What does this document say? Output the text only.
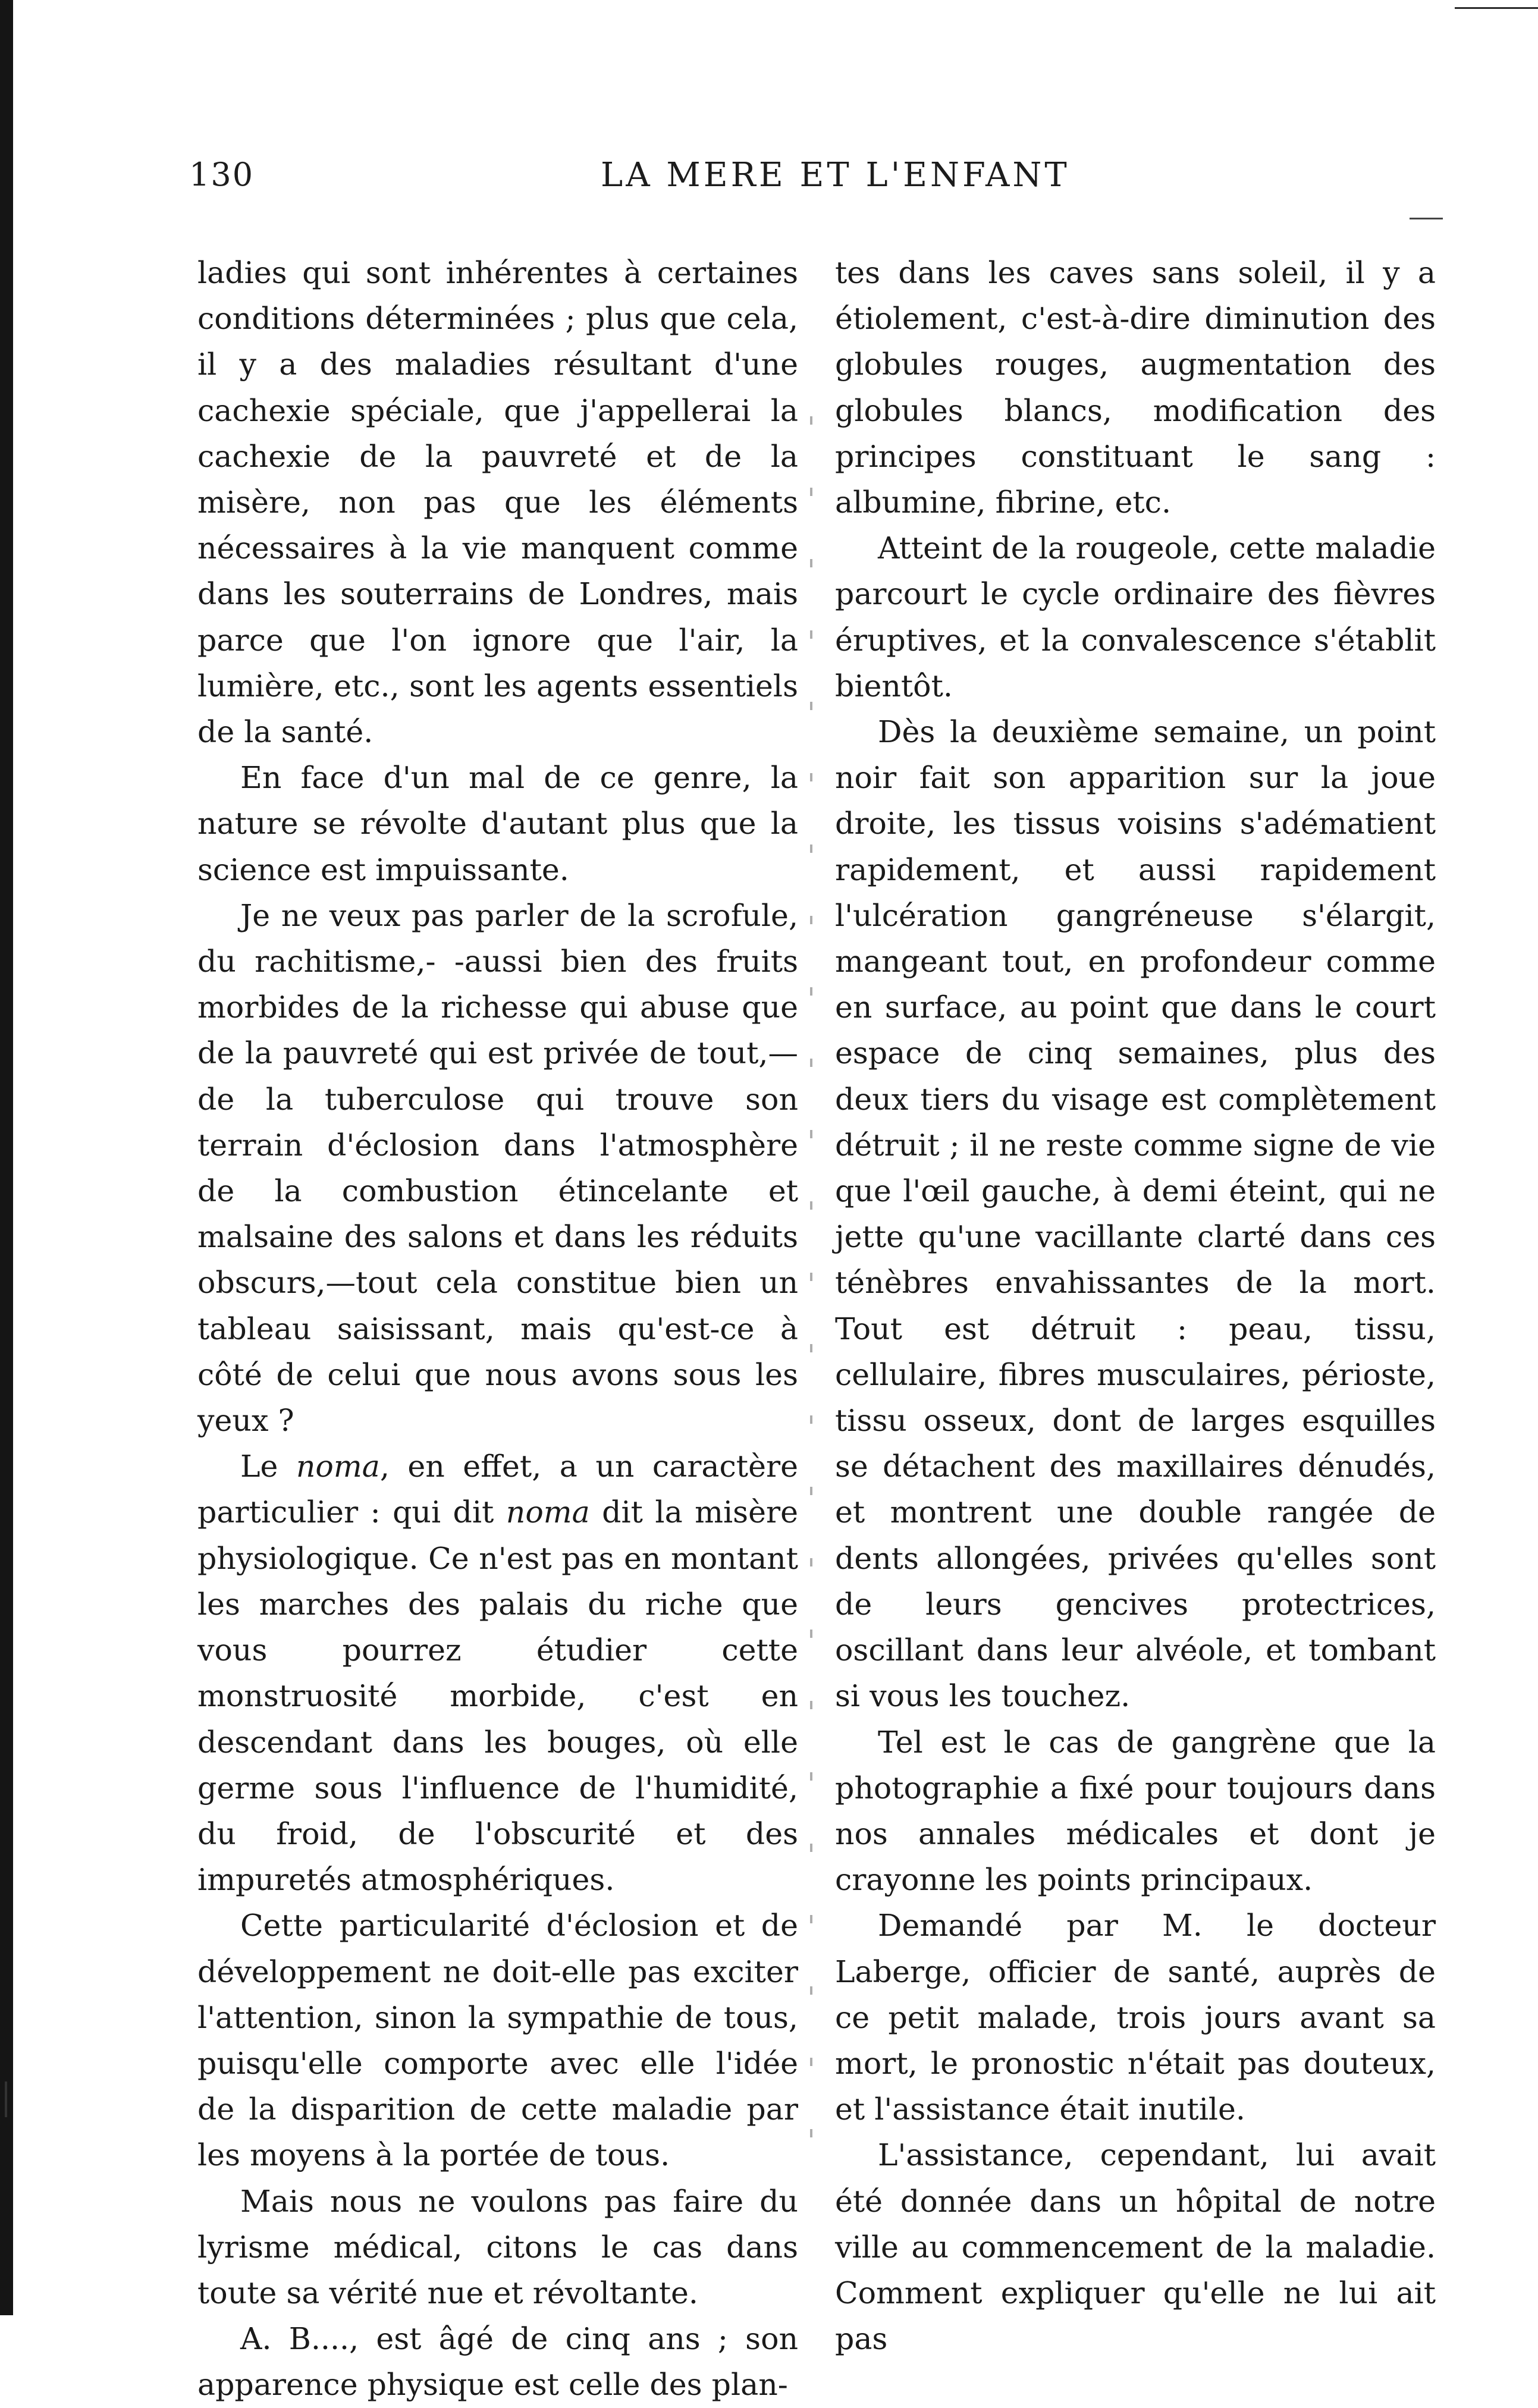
130	LA MERE ET L'ENFANT

ladies qui sont inhérentes à certaines conditions déterminées ; plus que cela, il y a des maladies résultant d'une cachexie spéciale, que j'appellerai la cachexie de la pauvreté et de la misère, non pas que les éléments nécessaires à la vie manquent comme dans les souterrains de Londres, mais parce que l'on ignore que l'air, la lumière, etc., sont les agents essentiels de la santé.

En face d'un mal de ce genre, la nature se révolte d'autant plus que la science est impuissante.

Je ne veux pas parler de la scrofule, du rachitisme,- -aussi bien des fruits morbides de la richesse qui abuse que de la pauvreté qui est privée de tout,— de la tuberculose qui trouve son terrain d'éclosion dans l'atmosphère de la combustion étincelante et malsaine des salons et dans les réduits obscurs,—tout cela constitue bien un tableau saisissant, mais qu'est-ce à côté de celui que nous avons sous les yeux ?

Le noma, en effet, a un caractère particulier : qui dit noma dit la misère physiologique. Ce n'est pas en montant les marches des palais du riche que vous pourrez étudier cette monstruosité morbide, c'est en descendant dans les bouges, où elle germe sous l'influence de l'humidité, du froid, de l'obscurité et des impuretés atmosphériques.

Cette particularité d'éclosion et de développement ne doit-elle pas exciter l'attention, sinon la sympathie de tous, puisqu'elle comporte avec elle l'idée de la disparition de cette maladie par les moyens à la portée de tous.

Mais nous ne voulons pas faire du lyrisme médical, citons le cas dans toute sa vérité nue et révoltante.

A. B...., est âgé de cinq ans ; son apparence physique est celle des plan-

tes dans les caves sans soleil, il y a étiolement, c'est-à-dire diminution des globules rouges, augmentation des globules blancs, modification des principes constituant le sang : albumine, fibrine, etc.

Atteint de la rougeole, cette maladie parcourt le cycle ordinaire des fièvres éruptives, et la convalescence s'établit bientôt.

Dès la deuxième semaine, un point noir fait son apparition sur la joue droite, les tissus voisins s'adématient rapidement, et aussi rapidement l'ulcération gangréneuse s'élargit, mangeant tout, en profondeur comme en surface, au point que dans le court espace de cinq semaines, plus des deux tiers du visage est complètement détruit ; il ne reste comme signe de vie que l'œil gauche, à demi éteint, qui ne jette qu'une vacillante clarté dans ces ténèbres envahissantes de la mort. Tout est détruit : peau, tissu, cellulaire, fibres musculaires, périoste, tissu osseux, dont de larges esquilles se détachent des maxillaires dénudés, et montrent une double rangée de dents allongées, privées qu'elles sont de leurs gencives protectrices, oscillant dans leur alvéole, et tombant si vous les touchez.

Tel est le cas de gangrène que la photographie a fixé pour toujours dans nos annales médicales et dont je crayonne les points principaux.

Demandé par M. le docteur Laberge, officier de santé, auprès de ce petit malade, trois jours avant sa mort, le pronostic n'était pas douteux, et l'assistance était inutile.

L'assistance, cependant, lui avait été donnée dans un hôpital de notre ville au commencement de la maladie. Comment expliquer qu'elle ne lui ait pas
